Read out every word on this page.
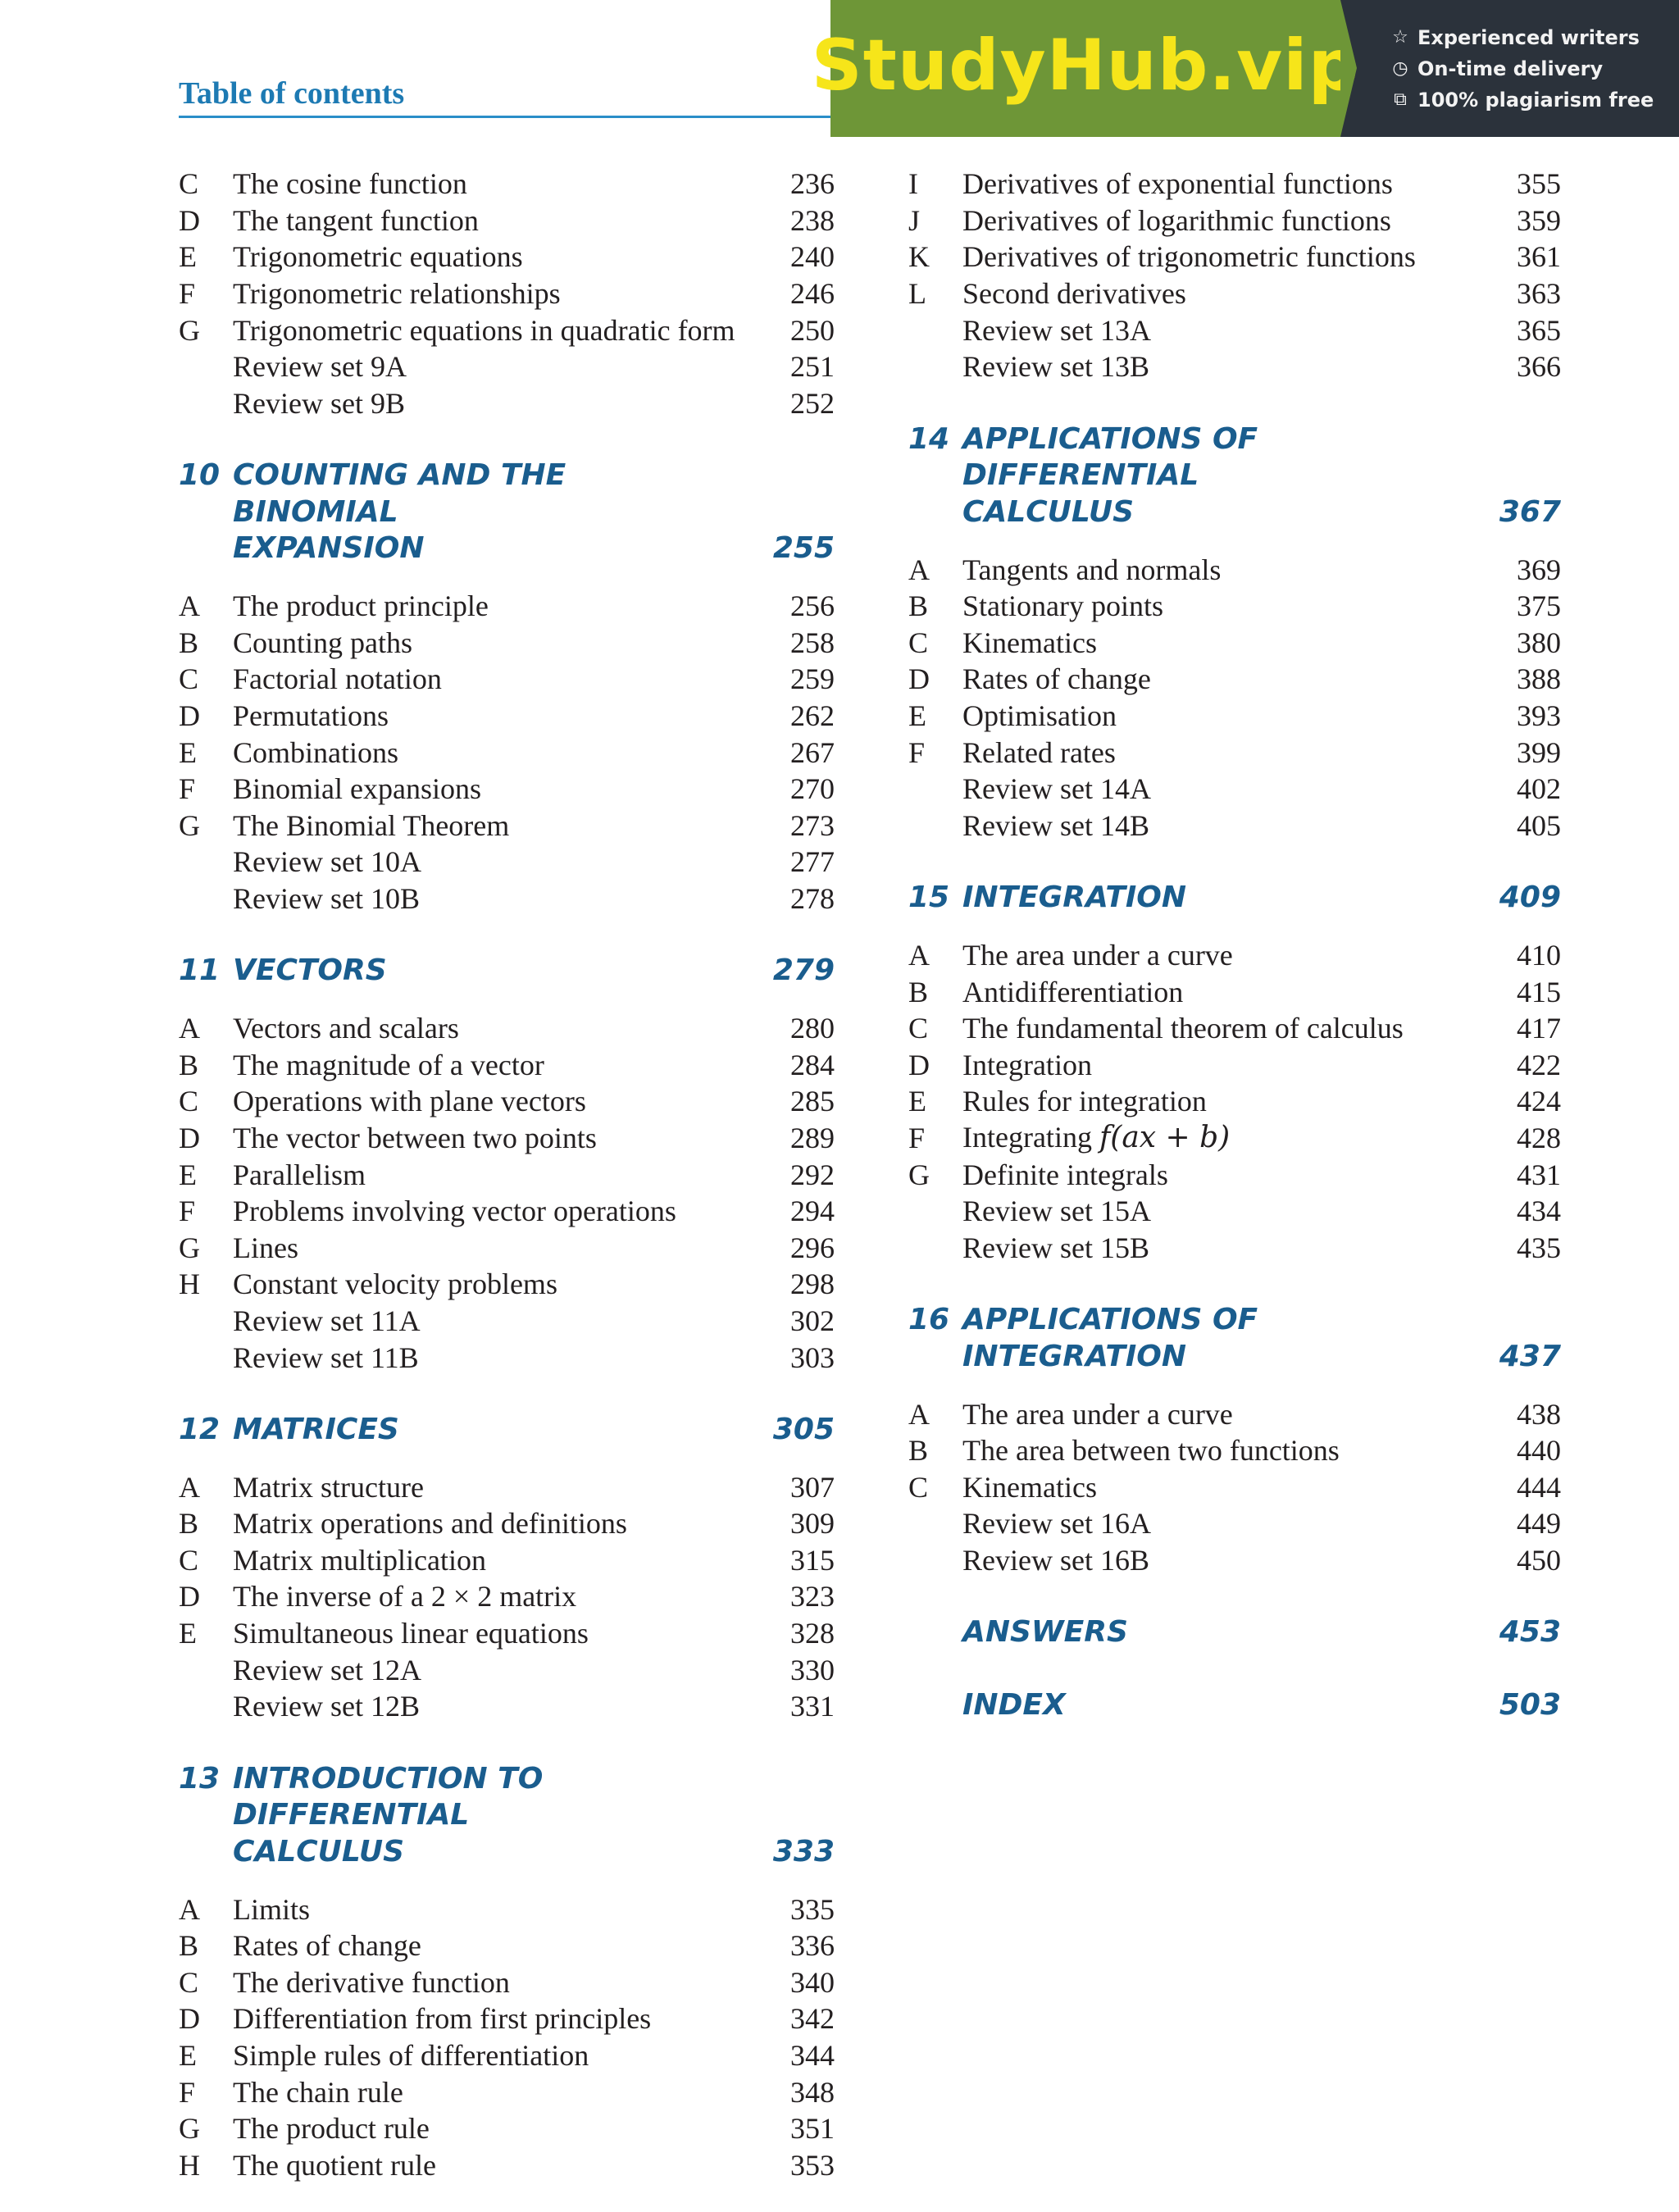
Table of contents	StudyHub.vip ☆ Experienced writers
◷ On-time delivery
⧉ 100% plagiarism free
C	The cosine function	236
D	The tangent function	238
E	Trigonometric equations	240
F	Trigonometric relationships	246
G	Trigonometric equations in quadratic form	250
Review set 9A	251
Review set 9B	252
10 COUNTING AND THE BINOMIAL
EXPANSION	255
A	The product principle	256
B	Counting paths	258
C	Factorial notation	259
D	Permutations	262
E	Combinations	267
F	Binomial expansions	270
G	The Binomial Theorem	273
Review set 10A	277
Review set 10B	278
11 VECTORS	279
A	Vectors and scalars	280
B	The magnitude of a vector	284
C	Operations with plane vectors	285
D	The vector between two points	289
E	Parallelism	292
F	Problems involving vector operations	294
G	Lines	296
H	Constant velocity problems	298
Review set 11A	302
Review set 11B	303
12 MATRICES	305
A	Matrix structure	307
B	Matrix operations and definitions	309
C	Matrix multiplication	315
D	The inverse of a 2 × 2 matrix	323
E	Simultaneous linear equations	328
Review set 12A	330
Review set 12B	331
13 INTRODUCTION TO DIFFERENTIAL
CALCULUS	333
A	Limits	335
B	Rates of change	336
C	The derivative function	340
D	Differentiation from first principles	342
E	Simple rules of differentiation	344
F	The chain rule	348
G	The product rule	351
H	The quotient rule	353
I	Derivatives of exponential functions	355
J	Derivatives of logarithmic functions	359
K	Derivatives of trigonometric functions	361
L	Second derivatives	363
Review set 13A	365
Review set 13B	366
14 APPLICATIONS OF DIFFERENTIAL
CALCULUS	367
A	Tangents and normals	369
B	Stationary points	375
C	Kinematics	380
D	Rates of change	388
E	Optimisation	393
F	Related rates	399
Review set 14A	402
Review set 14B	405
15 INTEGRATION	409
A	The area under a curve	410
B	Antidifferentiation	415
C	The fundamental theorem of calculus	417
D	Integration	422
E	Rules for integration	424
F	Integrating f(ax + b)	428
G	Definite integrals	431
Review set 15A	434
Review set 15B	435
16 APPLICATIONS OF INTEGRATION	437
A	The area under a curve	438
B	The area between two functions	440
C	Kinematics	444
Review set 16A	449
Review set 16B	450
ANSWERS	453
INDEX	503
